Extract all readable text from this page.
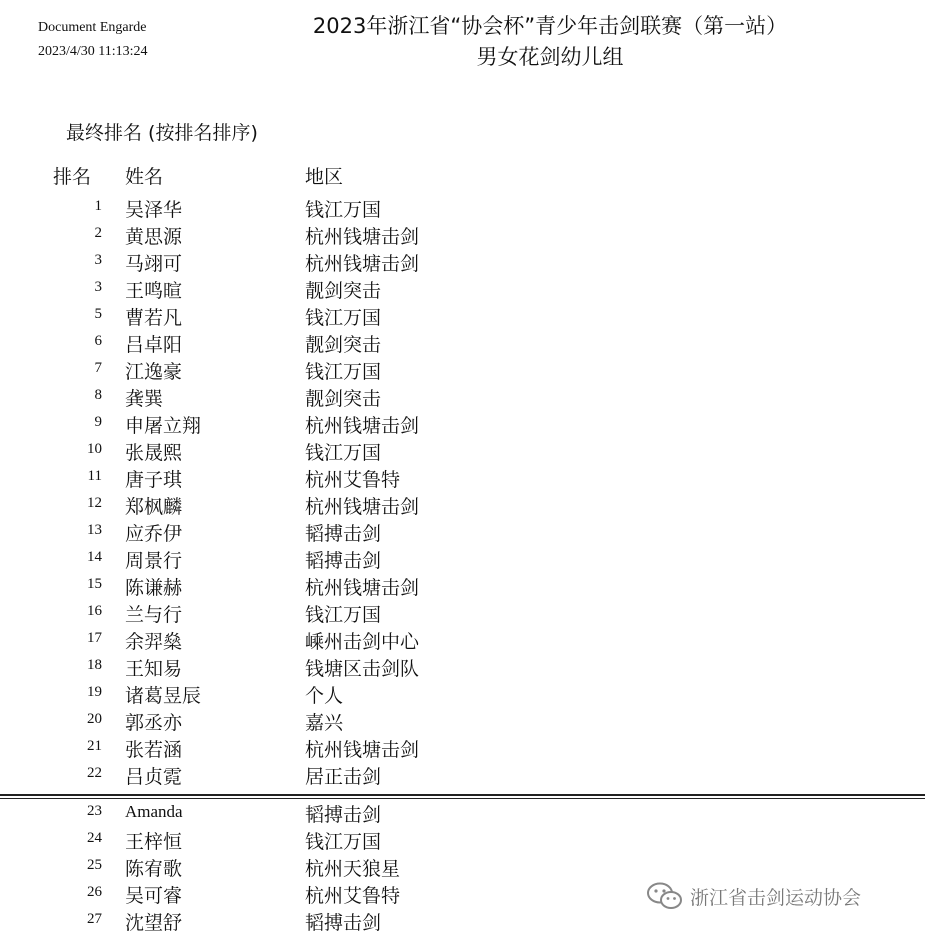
Document Engarde
2023/4/30 11:13:24
2023年浙江省“协会杯”青少年击剑联赛（第一站）
男女花剑幼儿组
最终排名 (按排名排序)
排名 姓名	地区
1 吴泽华	钱江万国
2 黄思源	杭州钱塘击剑
3 马翊可	杭州钱塘击剑
3 王鸣暄	靓剑突击
5 曹若凡	钱江万国
6 吕卓阳	靓剑突击
7 江逸豪	钱江万国
8 龚巽	靓剑突击
9 申屠立翔	杭州钱塘击剑
10 张晟熙	钱江万国
11 唐子琪	杭州艾鲁特
12 郑枫麟	杭州钱塘击剑
13 应乔伊	韬搏击剑
14 周景行	韬搏击剑
15 陈谦赫	杭州钱塘击剑
16 兰与行	钱江万国
17 余羿燊	嵊州击剑中心
18 王知易	钱塘区击剑队
19 诸葛昱辰	个人
20 郭丞亦	嘉兴
21 张若涵	杭州钱塘击剑
22 吕贞霓	居正击剑
23 Amanda	韬搏击剑
24 王梓恒	钱江万国
25 陈宥歌	杭州天狼星
26 吴可睿	杭州艾鲁特
27 沈望舒	韬搏击剑
浙江省击剑运动协会
